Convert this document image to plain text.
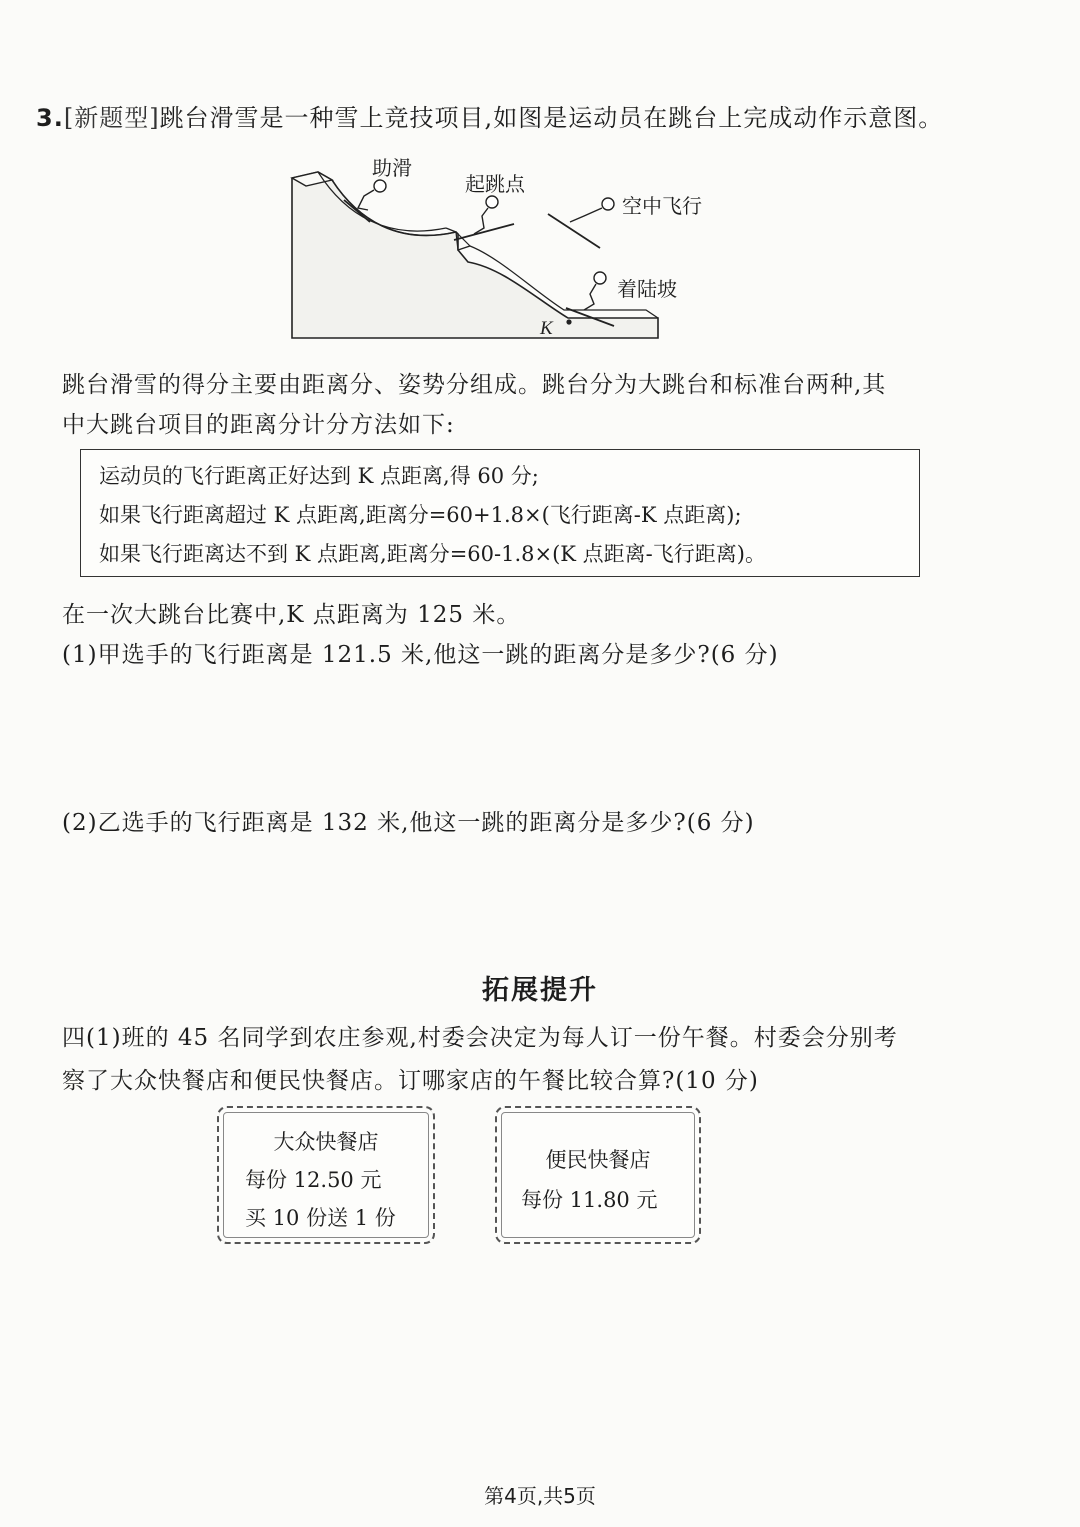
3.[新题型]跳台滑雪是一种雪上竞技项目,如图是运动员在跳台上完成动作示意图。
K
助滑
起跳点
空中飞行
着陆坡
跳台滑雪的得分主要由距离分、姿势分组成。跳台分为大跳台和标准台两种,其
中大跳台项目的距离分计分方法如下:
运动员的飞行距离正好达到 K 点距离,得 60 分;
如果飞行距离超过 K 点距离,距离分=60+1.8×(飞行距离-K 点距离);
如果飞行距离达不到 K 点距离,距离分=60-1.8×(K 点距离-飞行距离)。
在一次大跳台比赛中,K 点距离为 125 米。
(1)甲选手的飞行距离是 121.5 米,他这一跳的距离分是多少?(6 分)
(2)乙选手的飞行距离是 132 米,他这一跳的距离分是多少?(6 分)
拓展提升
四(1)班的 45 名同学到农庄参观,村委会决定为每人订一份午餐。村委会分别考
察了大众快餐店和便民快餐店。订哪家店的午餐比较合算?(10 分)
大众快餐店
每份 12.50 元
买 10 份送 1 份
便民快餐店
每份 11.80 元
第4页,共5页
